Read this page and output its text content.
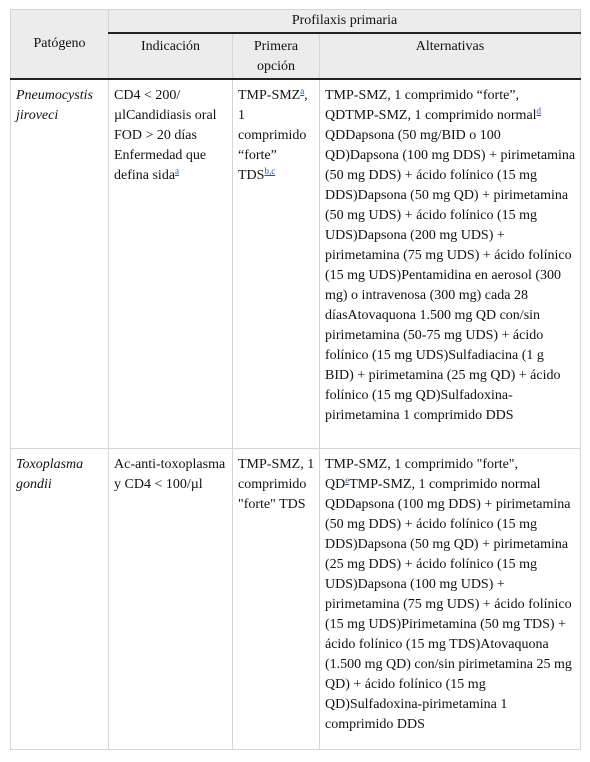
Patógeno	Profilaxis primaria		
	Indicación	Primera opción	Alternativas
Pneumocystis jiroveci	CD4 < 200/µlCandidiasis oral FOD > 20 días Enfermedad que defina sida$^a$	TMP-SMZ$^a$, 1 comprimido “forte” TDS$^{b,c}$	TMP-SMZ, 1 comprimido “forte”, QDTMP-SMZ, 1 comprimido normal$^d$ QDDapsona (50 mg/BID o 100 QD)Dapsona (100 mg DDS) + pirimetamina (50 mg DDS) + ácido folínico (15 mg DDS)Dapsona (50 mg QD) + pirimetamina (50 mg UDS) + ácido folínico (15 mg UDS)Dapsona (200 mg UDS) + pirimetamina (75 mg UDS) + ácido folínico (15 mg UDS)Pentamidina en aerosol (300 mg) o intravenosa (300 mg) cada 28 díasAtovaquona 1.500 mg QD con/sin pirimetamina (50-75 mg UDS) + ácido folínico (15 mg UDS)Sulfadiacina (1 g BID) + pirimetamina (25 mg QD) + ácido folínico (15 mg QD)Sulfadoxina-pirimetamina 1 comprimido DDS
Toxoplasma gondii	Ac-anti-toxoplasma y CD4 < 100/µl	TMP-SMZ, 1 comprimido "forte" TDS	TMP-SMZ, 1 comprimido "forte", QD$^e$TMP-SMZ, 1 comprimido normal QDDapsona (100 mg DDS) + pirimetamina (50 mg DDS) + ácido folínico (15 mg DDS)Dapsona (50 mg QD) + pirimetamina (25 mg DDS) + ácido folínico (15 mg UDS)Dapsona (100 mg UDS) + pirimetamina (75 mg UDS) + ácido folínico (15 mg UDS)Pirimetamina (50 mg TDS) + ácido folínico (15 mg TDS)Atovaquona (1.500 mg QD) con/sin pirimetamina 25 mg QD) + ácido folínico (15 mg QD)Sulfadoxina-pirimetamina 1 comprimido DDS
